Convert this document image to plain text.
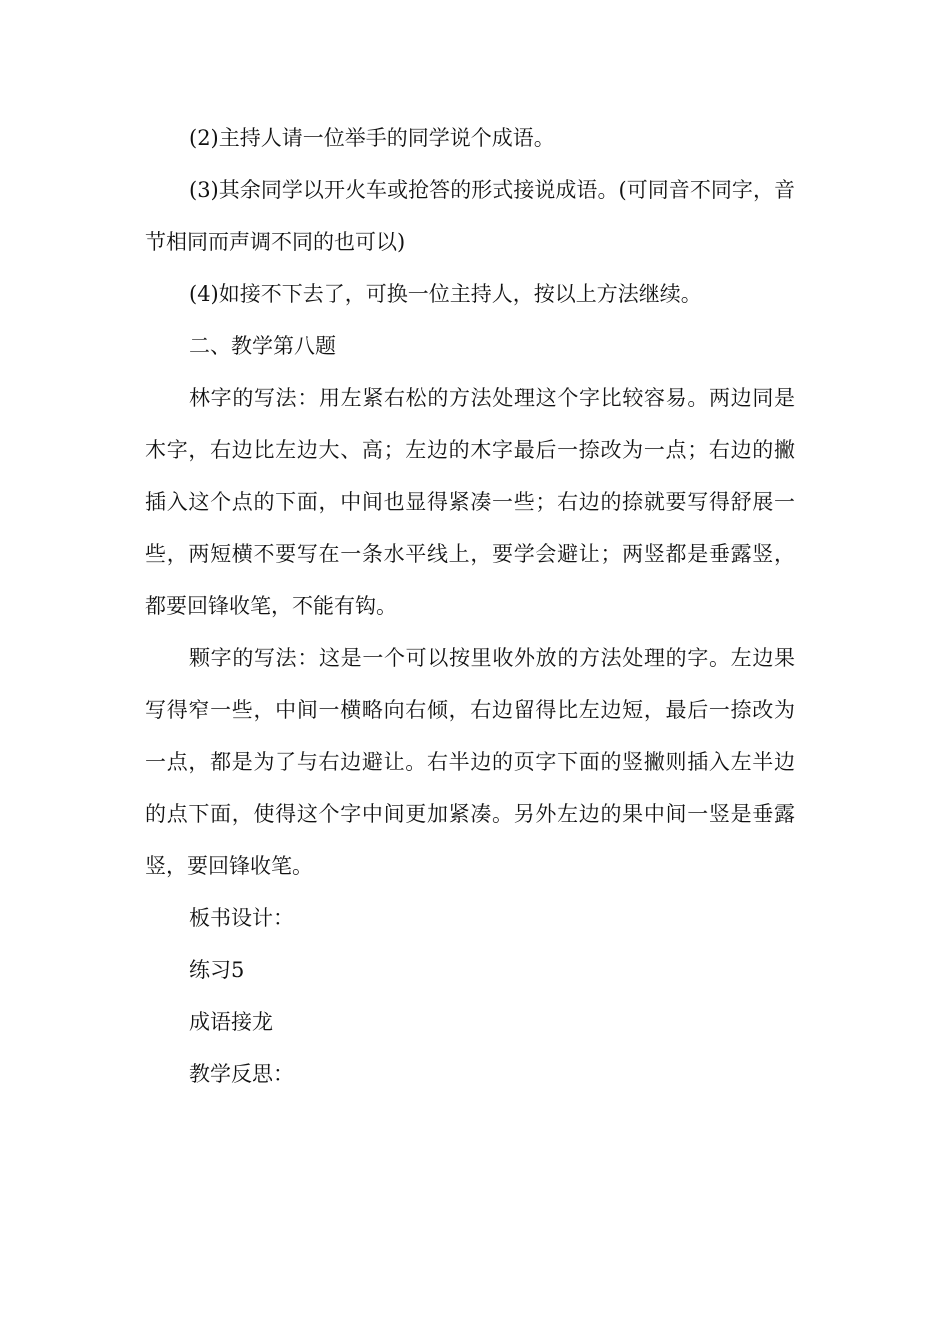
(2)主持人请一位举手的同学说个成语。

(3)其余同学以开火车或抢答的形式接说成语。(可同音不同字，音节相同而声调不同的也可以)

(4)如接不下去了，可换一位主持人，按以上方法继续。

二、教学第八题

林字的写法：用左紧右松的方法处理这个字比较容易。两边同是木字，右边比左边大、高；左边的木字最后一捺改为一点；右边的撇插入这个点的下面，中间也显得紧凑一些；右边的捺就要写得舒展一些，两短横不要写在一条水平线上，要学会避让；两竖都是垂露竖，都要回锋收笔，不能有钩。

颗字的写法：这是一个可以按里收外放的方法处理的字。左边果写得窄一些，中间一横略向右倾，右边留得比左边短，最后一捺改为一点，都是为了与右边避让。右半边的页字下面的竖撇则插入左半边的点下面，使得这个字中间更加紧凑。另外左边的果中间一竖是垂露竖，要回锋收笔。

板书设计：

练习5

成语接龙

教学反思：
